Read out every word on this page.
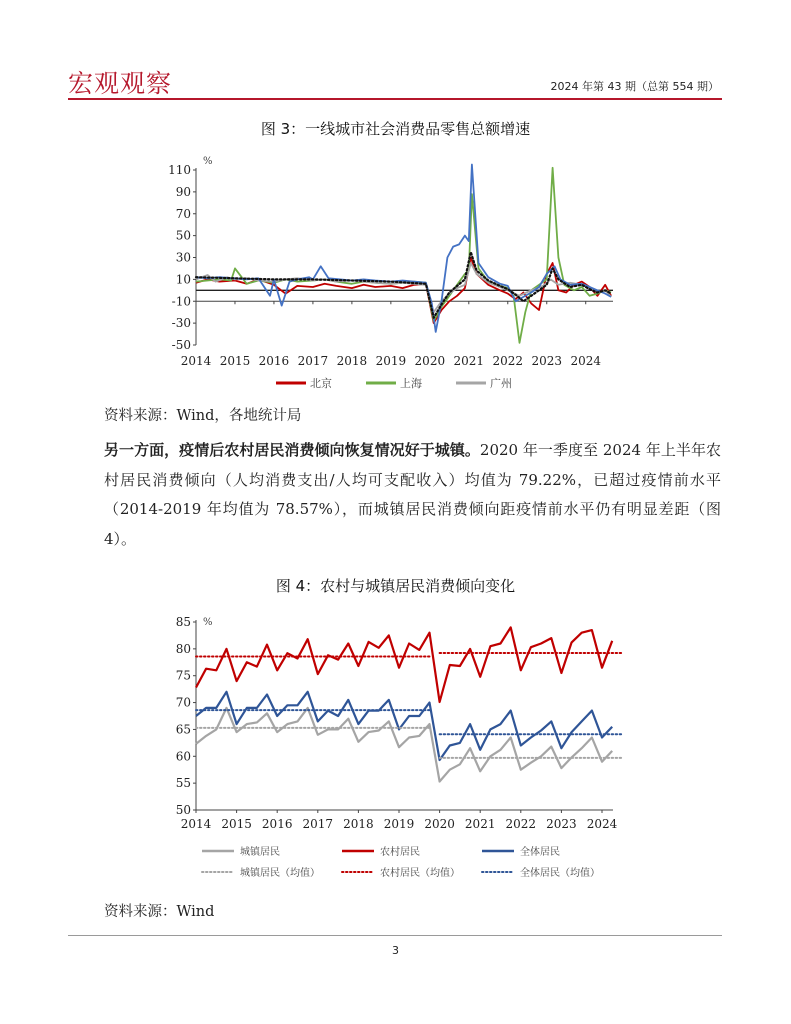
宏观观察	2024 年第 43 期（总第 554 期）
图 3：一线城市社会消费品零售总额增速
%
110
90
70
50
30
10
-10
-30
-50
2014 2015 2016 2017 2018 2019 2020 2021 2022 2023 2024
北京	上海	广州
资料来源：Wind，各地统计局

另一方面，疫情后农村居民消费倾向恢复情况好于城镇。2020 年一季度至 2024 年上半年农村居民消费倾向（人均消费支出/人均可支配收入）均值为 79.22%，已超过疫情前水平（2014-2019 年均值为 78.57%），而城镇居民消费倾向距疫情前水平仍有明显差距（图 4）。

图 4：农村与城镇居民消费倾向变化
%
85
80
75
70
65
60
55
50
2014 2015 2016 2017 2018 2019 2020 2021 2022 2023 2024
城镇居民	农村居民	全体居民
城镇居民（均值）	农村居民（均值）	全体居民（均值）
资料来源：Wind
3
